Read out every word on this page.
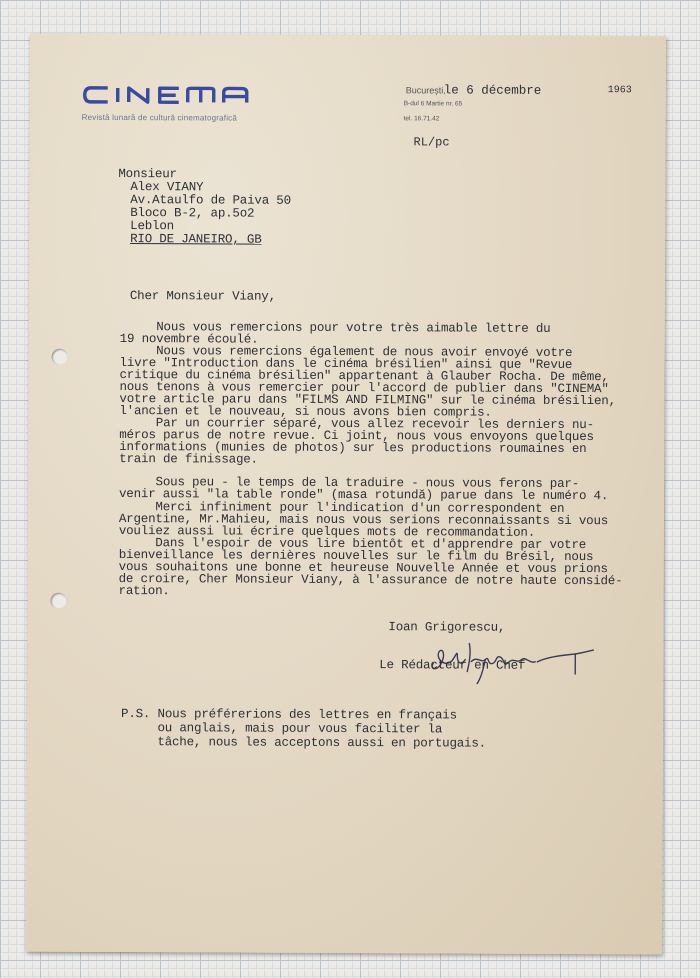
Revistă lunară de cultură cinematografică
București,
le 6 décembre	1963
B-dul 6 Martie nr. 65
tel. 16.71.42
RL/pc
Monsieur
Alex VIANY
Av.Ataulfo de Paiva 50
Bloco B-2, ap.5o2
Leblon
RIO DE JANEIRO, GB
Cher Monsieur Viany,
Nous vous remercions pour votre très aimable lettre du
19 novembre écoulé.
Nous vous remercions également de nous avoir envoyé votre
livre "Introduction dans le cinéma brésilien" ainsi que "Revue
critique du cinéma brésilien" appartenant à Glauber Rocha. De même,
nous tenons à vous remercier pour l'accord de publier dans "CINEMA"
votre article paru dans "FILMS AND FILMING" sur le cinéma brésilien,
l'ancien et le nouveau, si nous avons bien compris.
Par un courrier séparé, vous allez recevoir les derniers nu-
méros parus de notre revue. Ci joint, nous vous envoyons quelques
informations (munies de photos) sur les productions roumaines en
train de finissage.
Sous peu - le temps de la traduire - nous vous ferons par-
venir aussi "la table ronde" (masa rotundă) parue dans le numéro 4.
Merci infiniment pour l'indication d'un correspondent en
Argentine, Mr.Mahieu, mais nous vous serions reconnaissants si vous
vouliez aussi lui écrire quelques mots de recommandation.
Dans l'espoir de vous lire bientôt et d'apprendre par votre
bienveillance les dernières nouvelles sur le film du Brésil, nous
vous souhaitons une bonne et heureuse Nouvelle Année et vous prions
de croire, Cher Monsieur Viany, à l'assurance de notre haute considé-
ration.
Ioan Grigorescu,
Le Rédacteur en Chef
P.S. Nous préférerions des lettres en français
ou anglais, mais pour vous faciliter la
tâche, nous les acceptons aussi en portugais.
